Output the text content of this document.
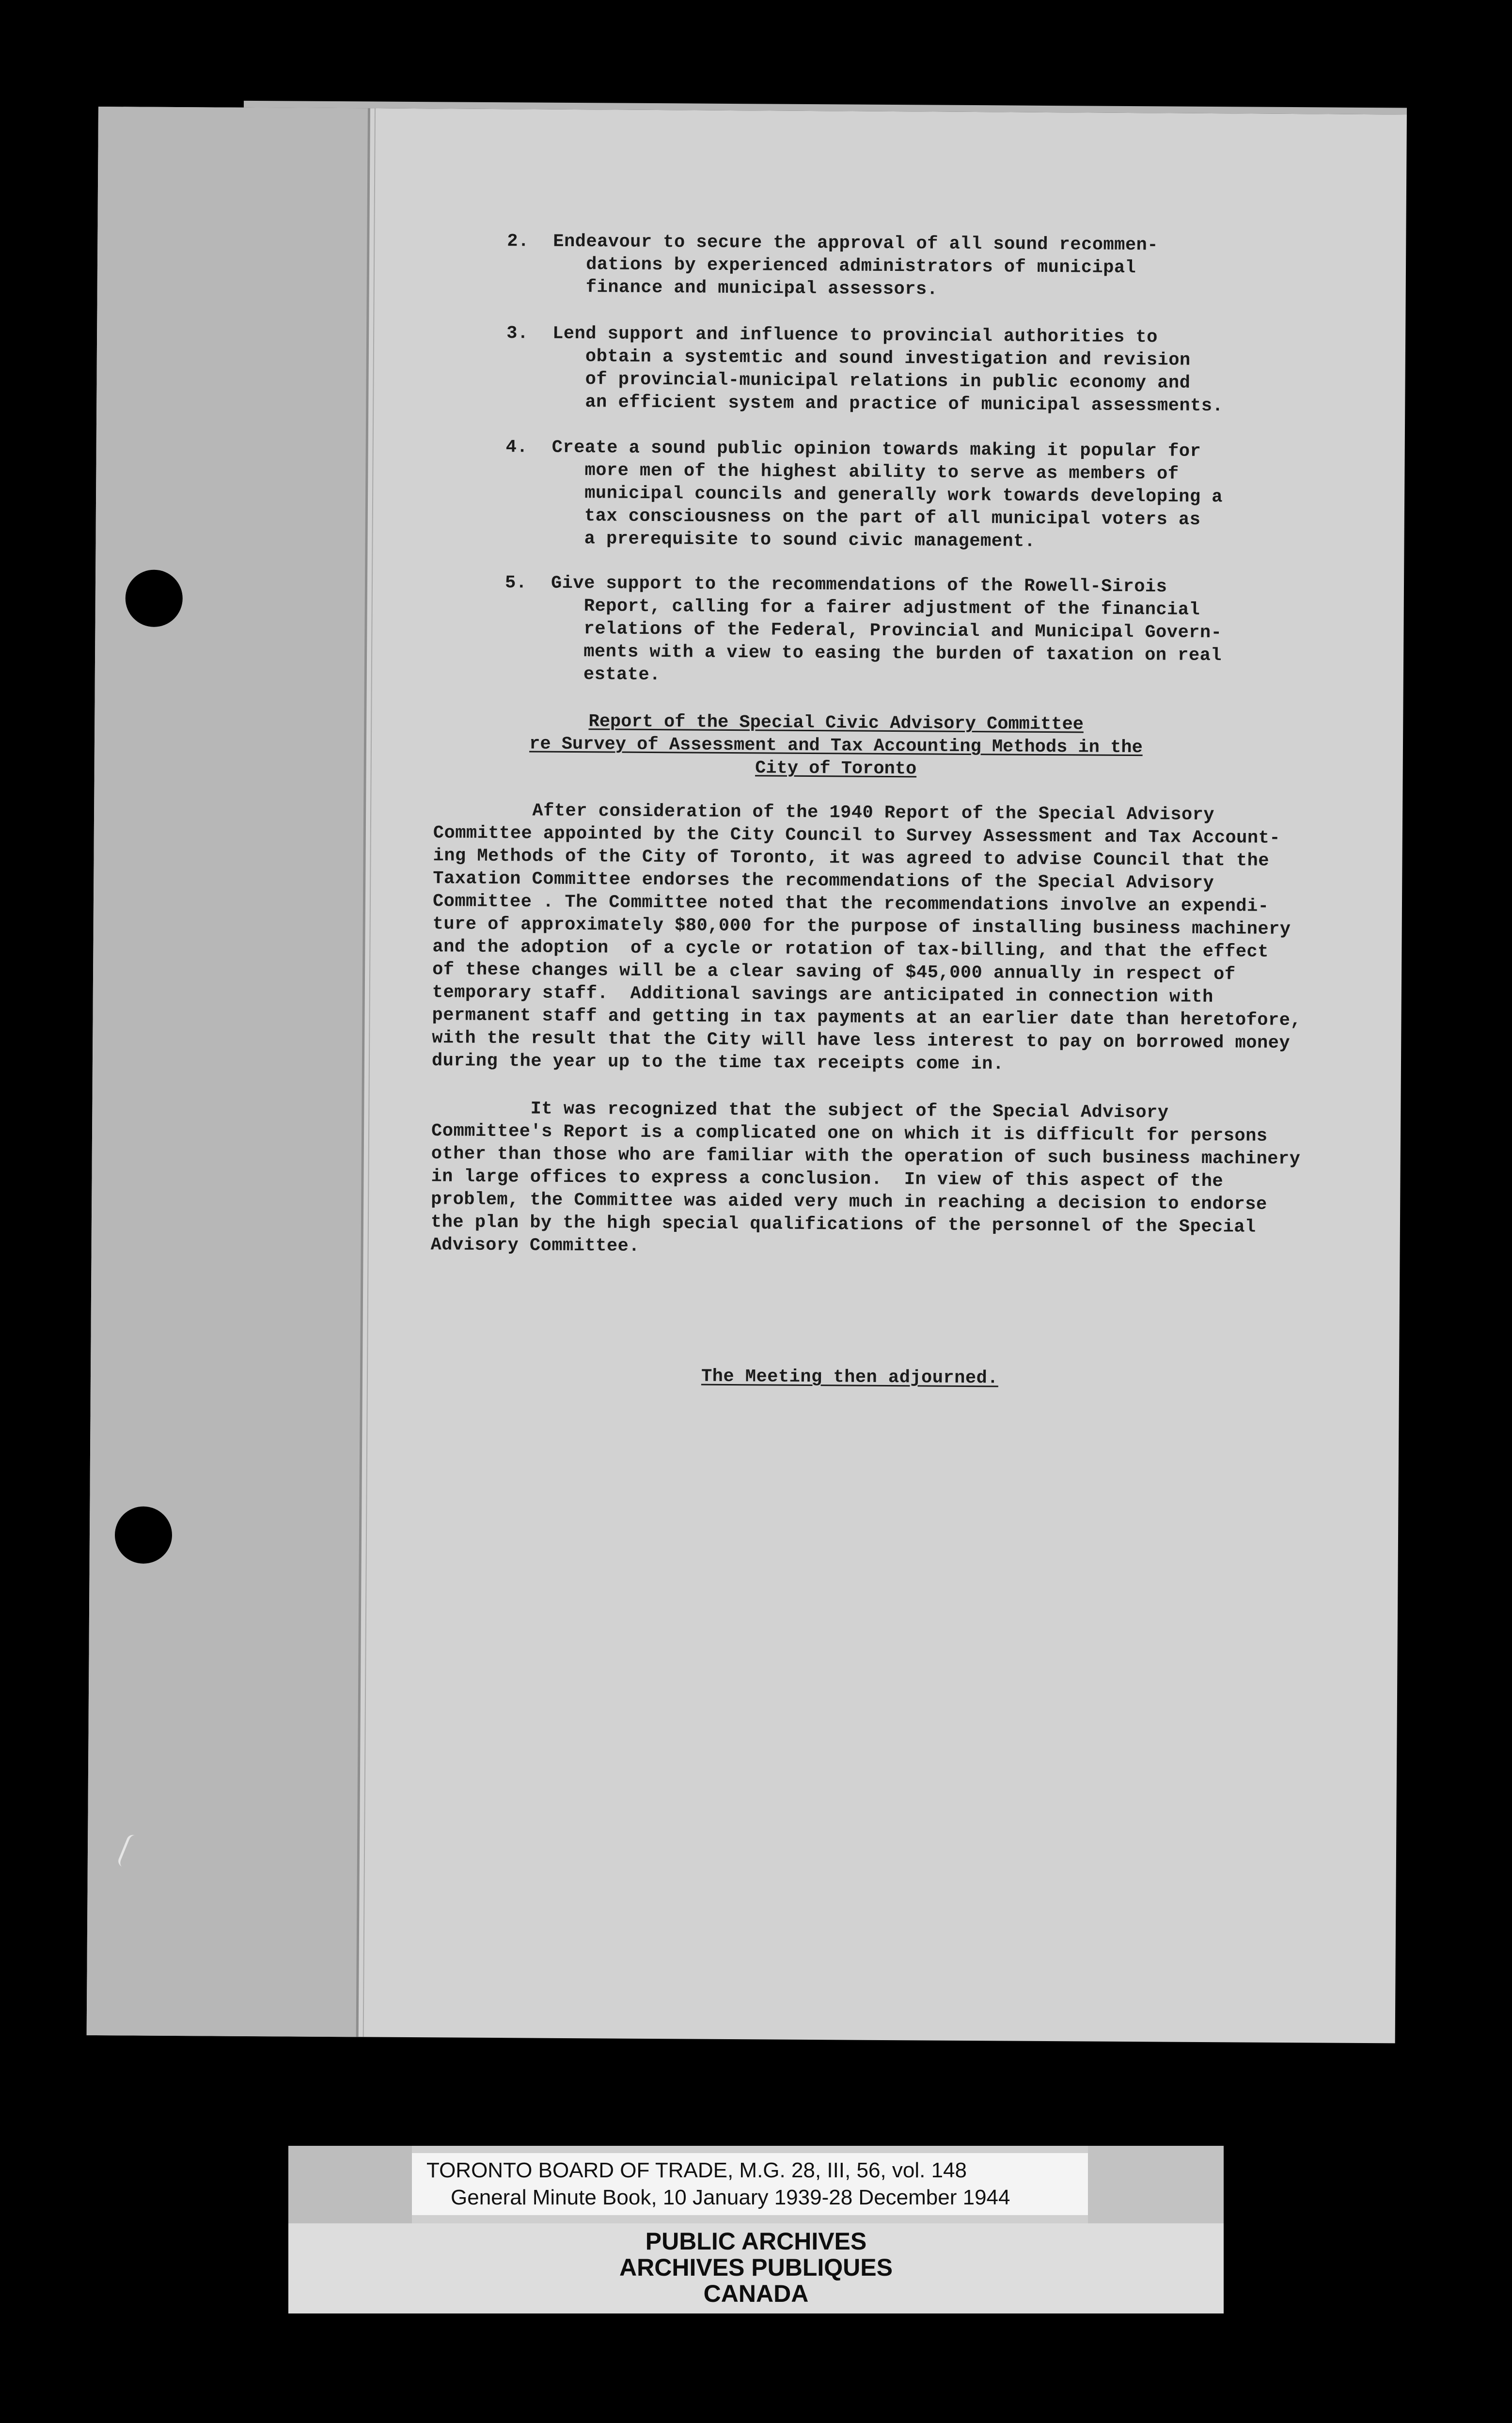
2. Endeavour to secure the approval of all sound recommen-
dations by experienced administrators of municipal
finance and municipal assessors.
3. Lend support and influence to provincial authorities to
obtain a systemtic and sound investigation and revision
of provincial-municipal relations in public economy and
an efficient system and practice of municipal assessments.
4. Create a sound public opinion towards making it popular for
more men of the highest ability to serve as members of
municipal councils and generally work towards developing a
tax consciousness on the part of all municipal voters as
a prerequisite to sound civic management.
5. Give support to the recommendations of the Rowell-Sirois
Report, calling for a fairer adjustment of the financial
relations of the Federal, Provincial and Municipal Govern-
ments with a view to easing the burden of taxation on real
estate.
Report of the Special Civic Advisory Committee
re Survey of Assessment and Tax Accounting Methods in the
City of Toronto
After consideration of the 1940 Report of the Special Advisory
Committee appointed by the City Council to Survey Assessment and Tax Account-
ing Methods of the City of Toronto, it was agreed to advise Council that the
Taxation Committee endorses the recommendations of the Special Advisory
Committee . The Committee noted that the recommendations involve an expendi-
ture of approximately $80,000 for the purpose of installing business machinery
and the adoption  of a cycle or rotation of tax-billing, and that the effect
of these changes will be a clear saving of $45,000 annually in respect of
temporary staff.  Additional savings are anticipated in connection with
permanent staff and getting in tax payments at an earlier date than heretofore,
with the result that the City will have less interest to pay on borrowed money
during the year up to the time tax receipts come in.
It was recognized that the subject of the Special Advisory
Committee's Report is a complicated one on which it is difficult for persons
other than those who are familiar with the operation of such business machinery
in large offices to express a conclusion.  In view of this aspect of the
problem, the Committee was aided very much in reaching a decision to endorse
the plan by the high special qualifications of the personnel of the Special
Advisory Committee.
The Meeting then adjourned.
TORONTO BOARD OF TRADE, M.G. 28, III, 56, vol. 148
General Minute Book, 10 January 1939-28 December 1944
PUBLIC ARCHIVES
ARCHIVES PUBLIQUES
CANADA
